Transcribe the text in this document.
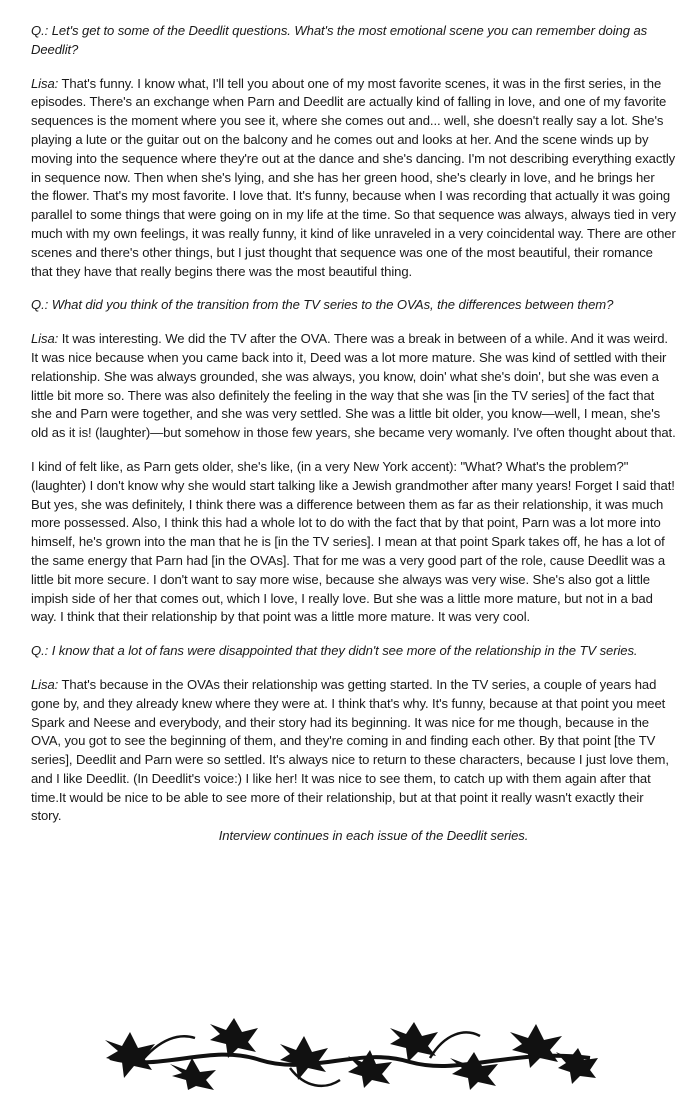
Q.: Let's get to some of the Deedlit questions. What's the most emotional scene you can remember doing as Deedlit?
Lisa: That's funny. I know what, I'll tell you about one of my most favorite scenes, it was in the first series, in the episodes. There's an exchange when Parn and Deedlit are actually kind of falling in love, and one of my favorite sequences is the moment where you see it, where she comes out and... well, she doesn't really say a lot. She's playing a lute or the guitar out on the balcony and he comes out and looks at her. And the scene winds up by moving into the sequence where they're out at the dance and she's dancing. I'm not describing everything exactly in sequence now. Then when she's lying, and she has her green hood, she's clearly in love, and he brings her the flower. That's my most favorite. I love that. It's funny, because when I was recording that actually it was going parallel to some things that were going on in my life at the time. So that sequence was always, always tied in very much with my own feelings, it was really funny, it kind of like unraveled in a very coincidental way. There are other scenes and there's other things, but I just thought that sequence was one of the most beautiful, their romance that they have that really begins there was the most beautiful thing.
Q.: What did you think of the transition from the TV series to the OVAs, the differences between them?
Lisa: It was interesting. We did the TV after the OVA. There was a break in between of a while. And it was weird. It was nice because when you came back into it, Deed was a lot more mature. She was kind of settled with their relationship. She was always grounded, she was always, you know, doin' what she's doin', but she was even a little bit more so. There was also definitely the feeling in the way that she was [in the TV series] of the fact that she and Parn were together, and she was very settled. She was a little bit older, you know—well, I mean, she's old as it is! (laughter)—but somehow in those few years, she became very womanly. I've often thought about that.
I kind of felt like, as Parn gets older, she's like, (in a very New York accent): "What? What's the problem?" (laughter) I don't know why she would start talking like a Jewish grandmother after many years! Forget I said that! But yes, she was definitely, I think there was a difference between them as far as their relationship, it was much more possessed. Also, I think this had a whole lot to do with the fact that by that point, Parn was a lot more into himself, he's grown into the man that he is [in the TV series]. I mean at that point Spark takes off, he has a lot of the same energy that Parn had [in the OVAs]. That for me was a very good part of the role, cause Deedlit was a little bit more secure. I don't want to say more wise, because she always was very wise. She's also got a little impish side of her that comes out, which I love, I really love. But she was a little more mature, but not in a bad way. I think that their relationship by that point was a little more mature. It was very cool.
Q.: I know that a lot of fans were disappointed that they didn't see more of the relationship in the TV series.
Lisa: That's because in the OVAs their relationship was getting started. In the TV series, a couple of years had gone by, and they already knew where they were at. I think that's why. It's funny, because at that point you meet Spark and Neese and everybody, and their story had its beginning. It was nice for me though, because in the OVA, you got to see the beginning of them, and they're coming in and finding each other. By that point [the TV series], Deedlit and Parn were so settled. It's always nice to return to these characters, because I just love them, and I like Deedlit. (In Deedlit's voice:) I like her! It was nice to see them, to catch up with them again after that time.It would be nice to be able to see more of their relationship, but at that point it really wasn't exactly their story.
Interview continues in each issue of the Deedlit series.
